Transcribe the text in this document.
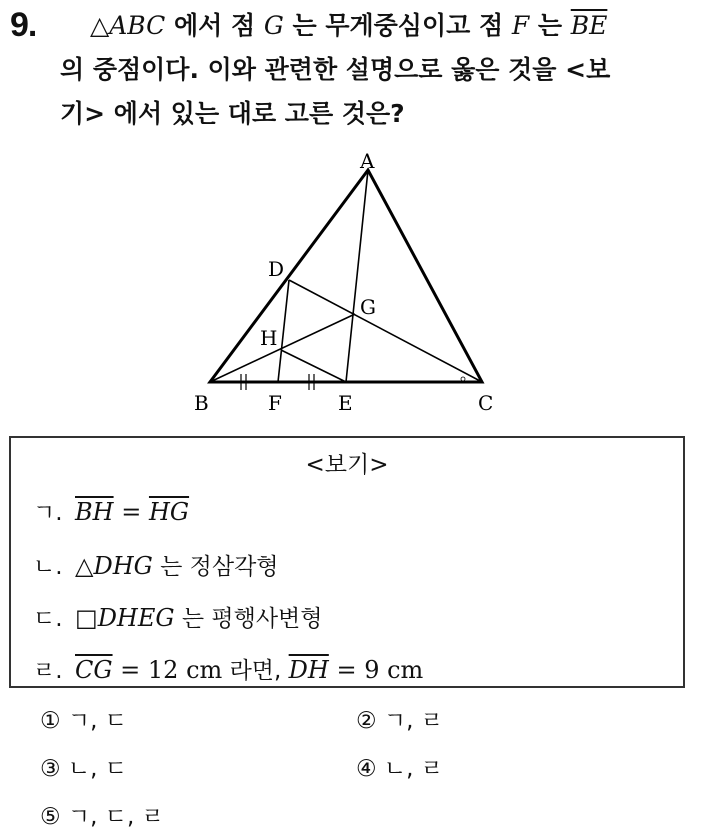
9.	△ABC 에서 점 G 는 무게중심이고 점 F 는 $\overline{BE}$
의 중점이다. 이와 관련한 설명으로 옳은 것을 <보
기> 에서 있는 대로 고른 것은?
A
B	C
D
E
F
G
H
<보기>
ㄱ. $\overline{BH} = \overline{HG}$
ㄴ. △DHG 는 정삼각형
ㄷ. □DHEG 는 평행사변형
ㄹ. $\overline{CG} = 12$ cm 라면, $\overline{DH} = 9$ cm
① ㄱ, ㄷ	② ㄱ, ㄹ
③ ㄴ, ㄷ	④ ㄴ, ㄹ
⑤ ㄱ, ㄷ, ㄹ
